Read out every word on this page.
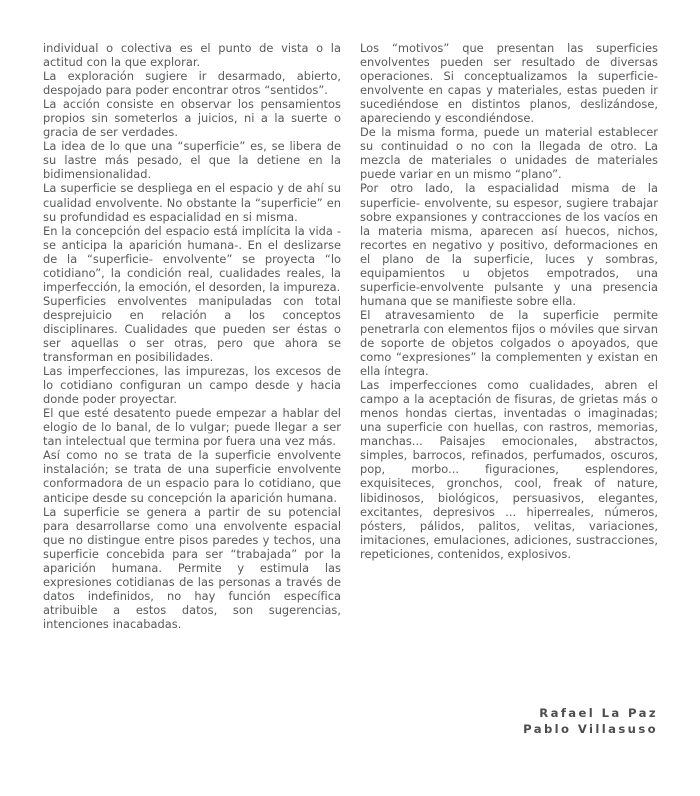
individual o colectiva es el punto de vista o la actitud con la que explorar.

La exploración sugiere ir desarmado, abierto, despojado para poder encontrar otros “sentidos”.

La acción consiste en observar los pensamientos propios sin someterlos a juicios, ni a la suerte o gracia de ser verdades.

La idea de lo que una “superficie” es, se libera de su lastre más pesado, el que la detiene en la bidimensionalidad.

La superficie se despliega en el espacio y de ahí su cualidad envolvente. No obstante la “superficie” en su profundidad es espacialidad en si misma.

En la concepción del espacio está implícita la vida - se anticipa la aparición humana-. En el deslizarse de la “superficie- envolvente” se proyecta “lo cotidiano”, la condición real, cualidades reales, la imperfección, la emoción, el desorden, la impureza.

Superficies envolventes manipuladas con total desprejuicio en relación a los conceptos disciplinares. Cualidades que pueden ser éstas o ser aquellas o ser otras, pero que ahora se transforman en posibilidades.

Las imperfecciones, las impurezas, los excesos de lo cotidiano configuran un campo desde y hacia donde poder proyectar.

El que esté desatento puede empezar a hablar del elogio de lo banal, de lo vulgar; puede llegar a ser tan intelectual que termina por fuera una vez más.

Así como no se trata de la superficie envolvente instalación; se trata de una superficie envolvente conformadora de un espacio para lo cotidiano, que anticipe desde su concepción la aparición humana.

La superficie se genera a partir de su potencial para desarrollarse como una envolvente espacial que no distingue entre pisos paredes y techos, una superficie concebida para ser “trabajada” por la aparición humana. Permite y estimula las expresiones cotidianas de las personas a través de datos indefinidos, no hay función específica atribuible a estos datos, son sugerencias, intenciones inacabadas.

Los “motivos” que presentan las superficies envolventes pueden ser resultado de diversas operaciones. Si conceptualizamos la superficie-envolvente en capas y materiales, estas pueden ir sucediéndose en distintos planos, deslizándose, apareciendo y escondiéndose.

De la misma forma, puede un material establecer su continuidad o no con la llegada de otro. La mezcla de materiales o unidades de materiales puede variar en un mismo “plano”.

Por otro lado, la espacialidad misma de la superficie- envolvente, su espesor, sugiere trabajar sobre expansiones y contracciones de los vacíos en la materia misma, aparecen así huecos, nichos, recortes en negativo y positivo, deformaciones en el plano de la superficie, luces y sombras, equipamientos u objetos empotrados, una superficie-envolvente pulsante y una presencia humana que se manifieste sobre ella.

El atravesamiento de la superficie permite penetrarla con elementos fijos o móviles que sirvan de soporte de objetos colgados o apoyados, que como “expresiones” la complementen y existan en ella íntegra.

Las imperfecciones como cualidades, abren el campo a la aceptación de fisuras, de grietas más o menos hondas ciertas, inventadas o imaginadas; una superficie con huellas, con rastros, memorias, manchas... Paisajes emocionales, abstractos, simples, barrocos, refinados, perfumados, oscuros, pop, morbo... figuraciones, esplendores, exquisiteces, gronchos, cool, freak of nature, libidinosos, biológicos, persuasivos, elegantes, excitantes, depresivos ... hiperreales, números, pósters, pálidos, palitos, velitas, variaciones, imitaciones, emulaciones, adiciones, sustracciones, repeticiones, contenidos, explosivos.

Rafael La Paz
Pablo Villasuso
